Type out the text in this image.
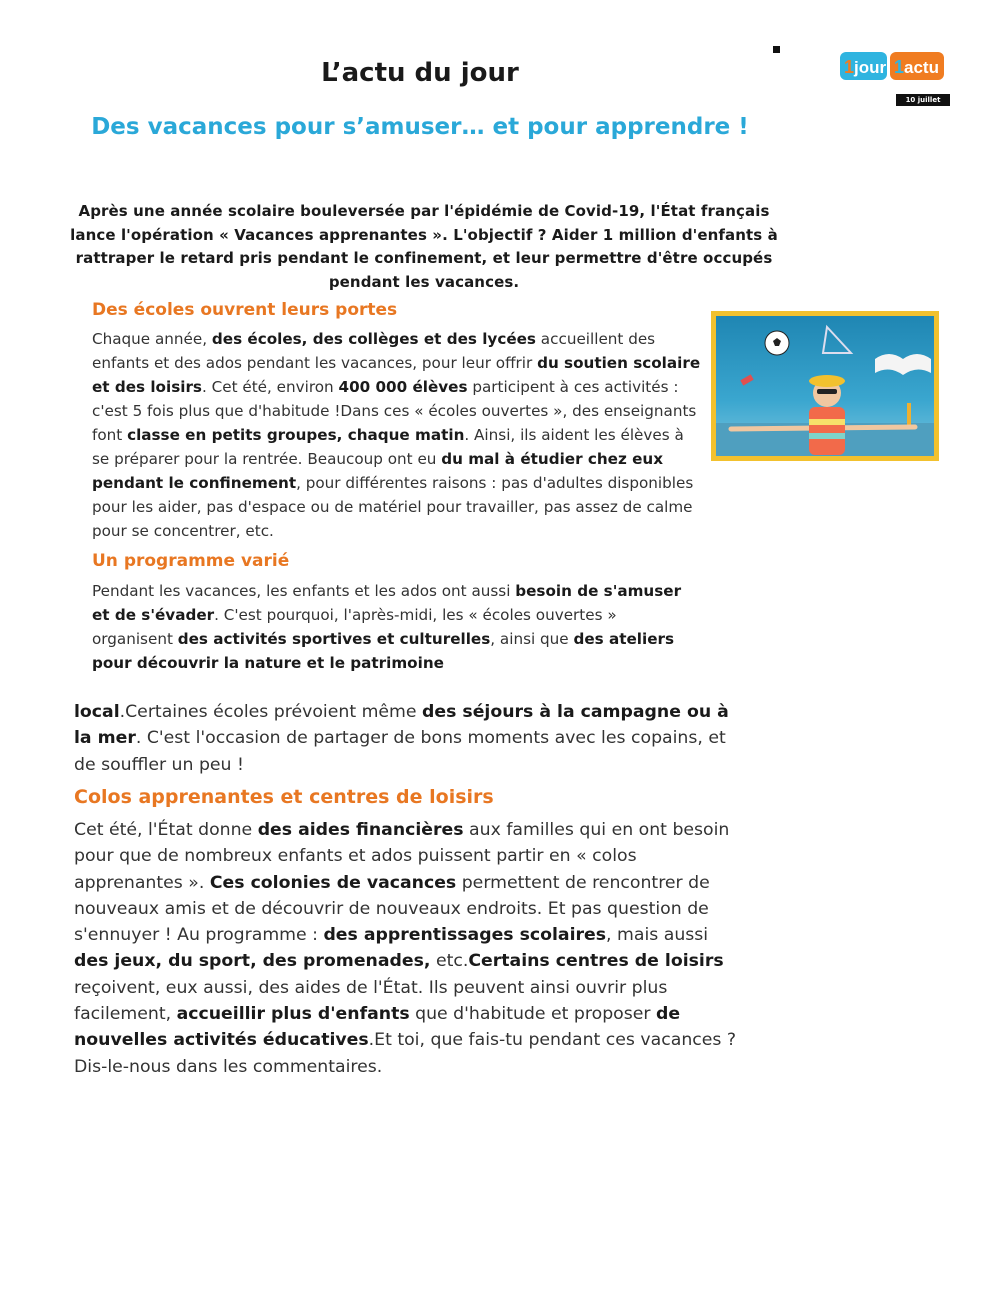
L’actu du jour	1 jour 1 actu
10 juillet 2020
Des vacances pour s’amuser… et pour apprendre !
Après une année scolaire bouleversée par l'épidémie de Covid-19, l'État français lance l'opération « Vacances apprenantes ». L'objectif ? Aider 1 million d'enfants à rattraper le retard pris pendant le confinement, et leur permettre d'être occupés pendant les vacances.
Des écoles ouvrent leurs portes
Chaque année, des écoles, des collèges et des lycées accueillent des enfants et des ados pendant les vacances, pour leur offrir du soutien scolaire et des loisirs. Cet été, environ 400 000 élèves participent à ces activités : c'est 5 fois plus que d'habitude !Dans ces « écoles ouvertes », des enseignants font classe en petits groupes, chaque matin. Ainsi, ils aident les élèves à se préparer pour la rentrée. Beaucoup ont eu du mal à étudier chez eux pendant le confinement, pour différentes raisons : pas d'adultes disponibles pour les aider, pas d'espace ou de matériel pour travailler, pas assez de calme pour se concentrer, etc.
Un programme varié
Pendant les vacances, les enfants et les ados ont aussi besoin de s'amuser et de s'évader. C'est pourquoi, l'après-midi, les « écoles ouvertes » organisent des activités sportives et culturelles, ainsi que des ateliers pour découvrir la nature et le patrimoine
local.Certaines écoles prévoient même des séjours à la campagne ou à la mer. C'est l'occasion de partager de bons moments avec les copains, et de souffler un peu !
Colos apprenantes et centres de loisirs
Cet été, l'État donne des aides financières aux familles qui en ont besoin pour que de nombreux enfants et ados puissent partir en « colos apprenantes ». Ces colonies de vacances permettent de rencontrer de nouveaux amis et de découvrir de nouveaux endroits. Et pas question de s'ennuyer ! Au programme : des apprentissages scolaires, mais aussi des jeux, du sport, des promenades, etc.Certains centres de loisirs reçoivent, eux aussi, des aides de l'État. Ils peuvent ainsi ouvrir plus facilement, accueillir plus d'enfants que d'habitude et proposer de nouvelles activités éducatives.Et toi, que fais-tu pendant ces vacances ? Dis-le-nous dans les commentaires.
